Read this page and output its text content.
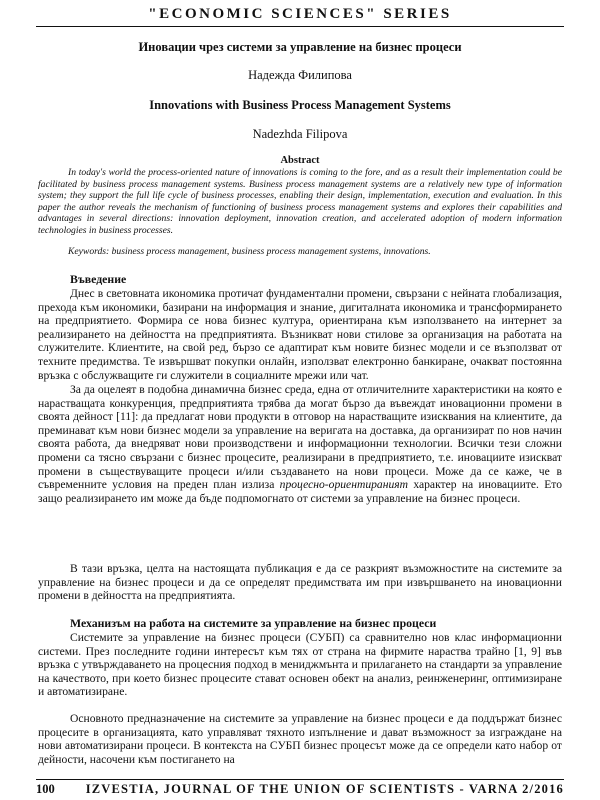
"ECONOMIC SCIENCES" SERIES
Иновации чрез системи за управление на бизнес процеси
Надежда Филипова
Innovations with Business Process Management Systems
Nadezhda Filipova
Abstract
In today's world the process-oriented nature of innovations is coming to the fore, and as a result their implementation could be facilitated by business process management systems. Business process management systems are a relatively new type of information system; they support the full life cycle of business processes, enabling their design, implementation, execution and evaluation. In this paper the author reveals the mechanism of functioning of business process management systems and explores their capabilities and advantages in several directions: innovation deployment, innovation creation, and accelerated adoption of modern information technologies in business processes.
Keywords: business process management, business process management systems, innovations.
Въведение
Днес в световната икономика протичат фундаментални промени, свързани с нейната глобализация, прехода към икономики, базирани на информация и знание, дигиталната икономика и трансформирането на предприятието. Формира се нова бизнес култура, ориентирана към използването на интернет за реализирането на дейността на предприятията. Възникват нови стилове за организация на работата на служителите. Клиентите, на свой ред, бързо се адаптират към новите бизнес модели и се възползват от техните предимства. Те извършват покупки онлайн, използват електронно банкиране, очакват постоянна връзка с обслужващите ги служители в социалните мрежи или чат.
За да оцелеят в подобна динамична бизнес среда, една от отличителните характеристики на която е нарастващата конкуренция, предприятията трябва да могат бързо да въвеждат иновационни промени в своята дейност [11]: да предлагат нови продукти в отговор на нарастващите изисквания на клиентите, да преминават към нови бизнес модели за управление на веригата на доставка, да организират по нов начин своята работа, да внедряват нови производствени и информационни технологии. Всички тези сложни промени са тясно свързани с бизнес процесите, реализирани в предприятието, т.е. иновациите изискват промени в съществуващите процеси и/или създаването на нови процеси. Може да се каже, че в съвременните условия на преден план излиза процесно-ориентираният характер на иновациите. Ето защо реализирането им може да бъде подпомогнато от системи за управление на бизнес процеси.
В тази връзка, целта на настоящата публикация е да се разкрият възможностите на системите за управление на бизнес процеси и да се определят предимствата им при извършването на иновационни промени в дейността на предприятията.
Механизъм на работа на системите за управление на бизнес процеси
Системите за управление на бизнес процеси (СУБП) са сравнително нов клас информационни системи. През последните години интересът към тях от страна на фирмите нараства трайно [1, 9] във връзка с утвърждаването на процесния подход в мениджмънта и прилагането на стандарти за управление на качеството, при което бизнес процесите стават основен обект на анализ, реинженеринг, оптимизиране и автоматизиране.
Основното предназначение на системите за управление на бизнес процеси е да поддържат бизнес процесите в организацията, като управляват тяхното изпълнение и дават възможност за изграждане на нови автоматизирани процеси. В контекста на СУБП бизнес процесът може да се определи като набор от дейности, насочени към постигането на
100 IZVESTIA, JOURNAL OF THE UNION OF SCIENTISTS - VARNA 2/2016
